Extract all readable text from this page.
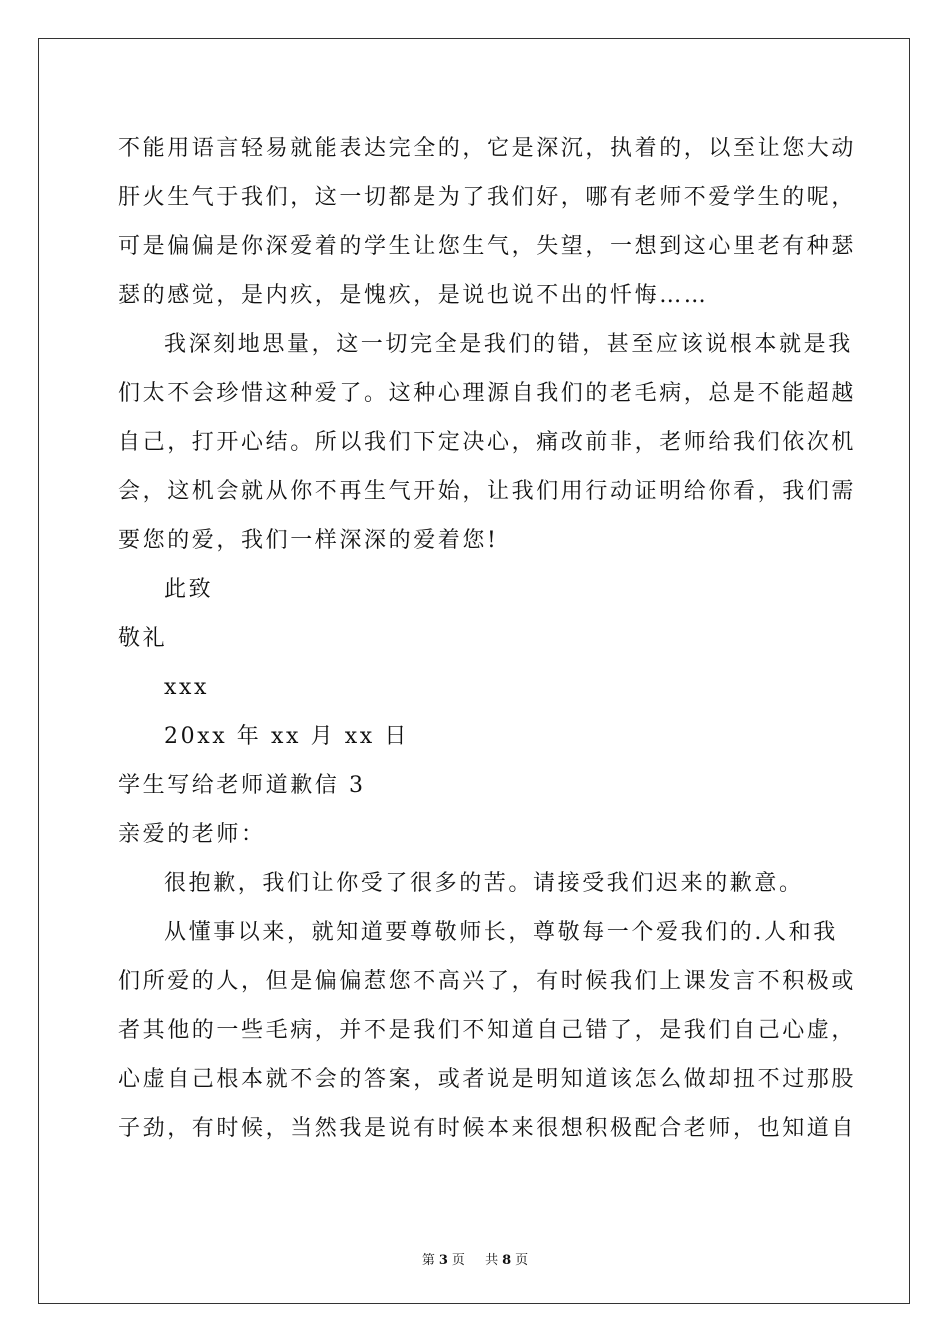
不能用语言轻易就能表达完全的，它是深沉，执着的，以至让您大动
肝火生气于我们，这一切都是为了我们好，哪有老师不爱学生的呢，
可是偏偏是你深爱着的学生让您生气，失望，一想到这心里老有种瑟
瑟的感觉，是内疚，是愧疚，是说也说不出的忏悔……
我深刻地思量，这一切完全是我们的错，甚至应该说根本就是我
们太不会珍惜这种爱了。这种心理源自我们的老毛病，总是不能超越
自己，打开心结。所以我们下定决心，痛改前非，老师给我们依次机
会，这机会就从你不再生气开始，让我们用行动证明给你看，我们需
要您的爱，我们一样深深的爱着您!
此致
敬礼
xxx
20xx 年 xx 月 xx 日
学生写给老师道歉信 3
亲爱的老师：
很抱歉，我们让你受了很多的苦。请接受我们迟来的歉意。
从懂事以来，就知道要尊敬师长，尊敬每一个爱我们的.人和我
们所爱的人，但是偏偏惹您不高兴了，有时候我们上课发言不积极或
者其他的一些毛病，并不是我们不知道自己错了，是我们自己心虚，
心虚自己根本就不会的答案，或者说是明知道该怎么做却扭不过那股
子劲，有时候，当然我是说有时候本来很想积极配合老师，也知道自
第 3 页 共 8 页
